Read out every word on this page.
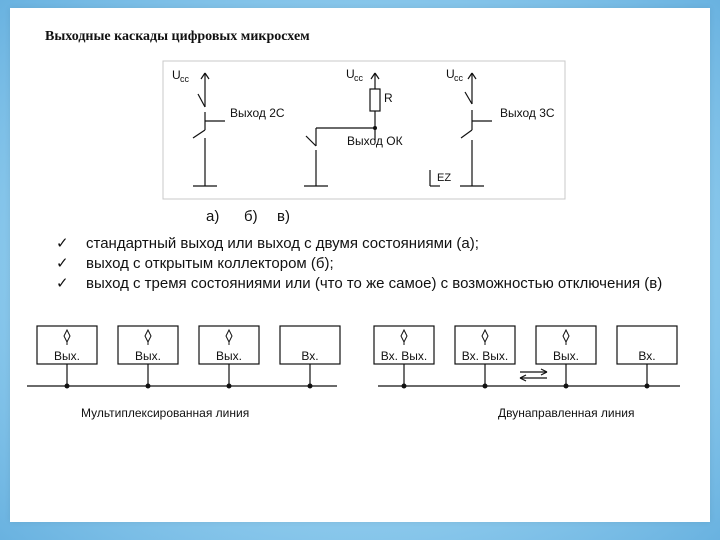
Выходные каскады цифровых микросхем
U cc	U cc	U cc
R
Выход 2С	Выход 3С
Выход ОК
EZ
Вых.	Вых.	Вых.	Вх.	Вх. Вых.	Вх. Вых.	Вых.	Вх.
Мультиплексированная линия	Двунаправленная линия
а) б) в)
✓ стандартный выход или выход с двумя состояниями (а);
✓ выход с открытым коллектором (б);
✓ выход с тремя состояниями или (что то же самое) с возможностью отключения (в)
